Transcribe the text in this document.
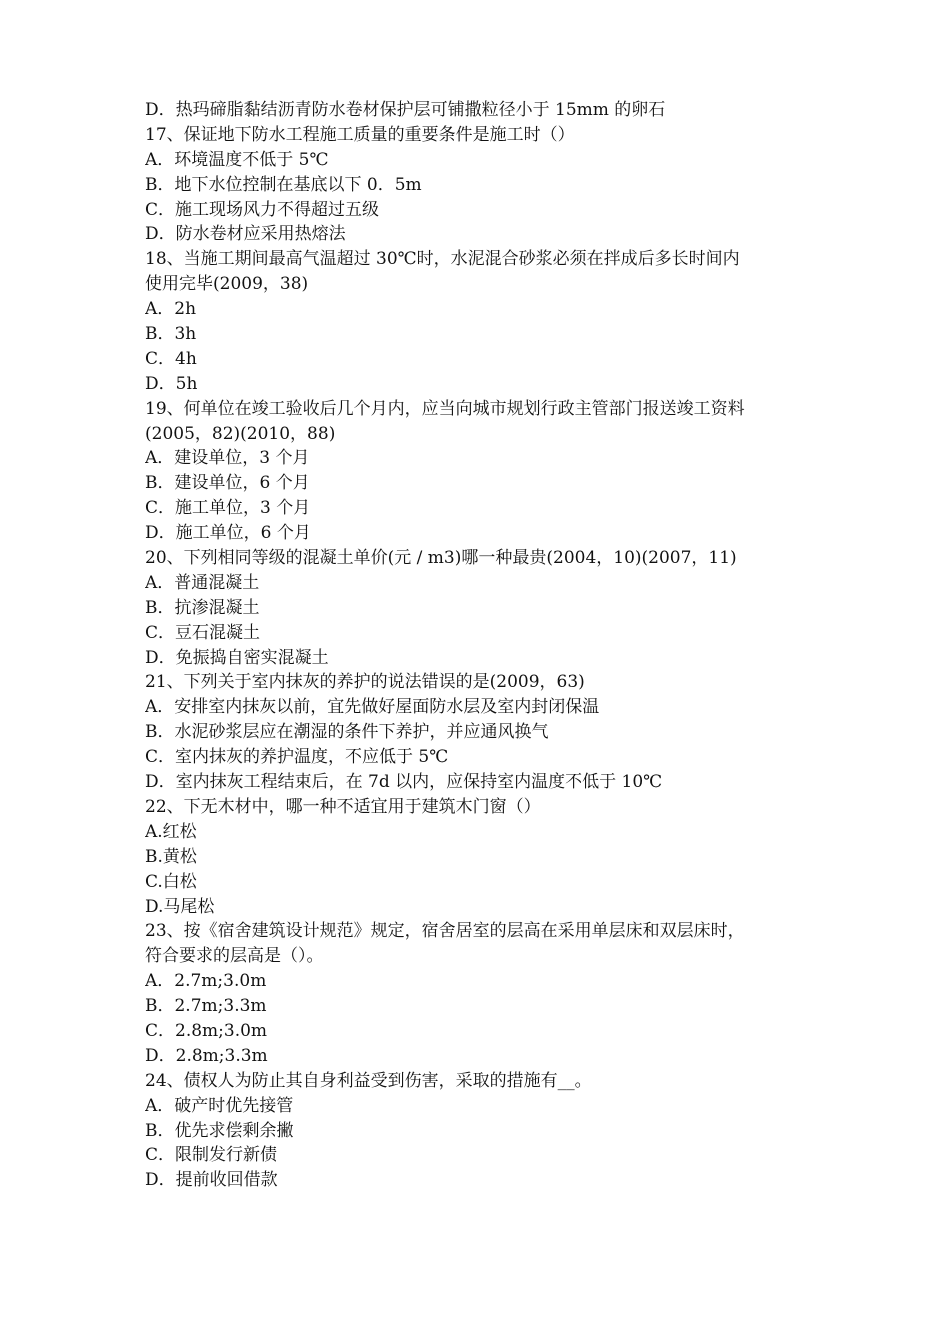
D．热玛碲脂黏结沥青防水卷材保护层可铺撒粒径小于 15mm 的卵石
17、保证地下防水工程施工质量的重要条件是施工时（）
A．环境温度不低于 5℃
B．地下水位控制在基底以下 0．5m
C．施工现场风力不得超过五级
D．防水卷材应采用热熔法
18、当施工期间最高气温超过 30℃时，水泥混合砂浆必须在拌成后多长时间内
使用完毕(2009，38)
A．2h
B．3h
C．4h
D．5h
19、何单位在竣工验收后几个月内，应当向城市规划行政主管部门报送竣工资料
(2005，82)(2010，88)
A．建设单位，3 个月
B．建设单位，6 个月
C．施工单位，3 个月
D．施工单位，6 个月
20、下列相同等级的混凝土单价(元 / m3)哪一种最贵(2004，10)(2007，11)
A．普通混凝土
B．抗渗混凝土
C．豆石混凝土
D．免振捣自密实混凝土
21、下列关于室内抹灰的养护的说法错误的是(2009，63)
A．安排室内抹灰以前，宜先做好屋面防水层及室内封闭保温
B．水泥砂浆层应在潮湿的条件下养护，并应通风换气
C．室内抹灰的养护温度，不应低于 5℃
D．室内抹灰工程结束后，在 7d 以内，应保持室内温度不低于 10℃
22、下无木材中，哪一种不适宜用于建筑木门窗（）
A.红松
B.黄松
C.白松
D.马尾松
23、按《宿舍建筑设计规范》规定，宿舍居室的层高在采用单层床和双层床时，
符合要求的层高是（）。
A．2.7m;3.0m
B．2.7m;3.3m
C．2.8m;3.0m
D．2.8m;3.3m
24、债权人为防止其自身利益受到伤害，采取的措施有__。
A．破产时优先接管
B．优先求偿剩余撇
C．限制发行新债
D．提前收回借款
